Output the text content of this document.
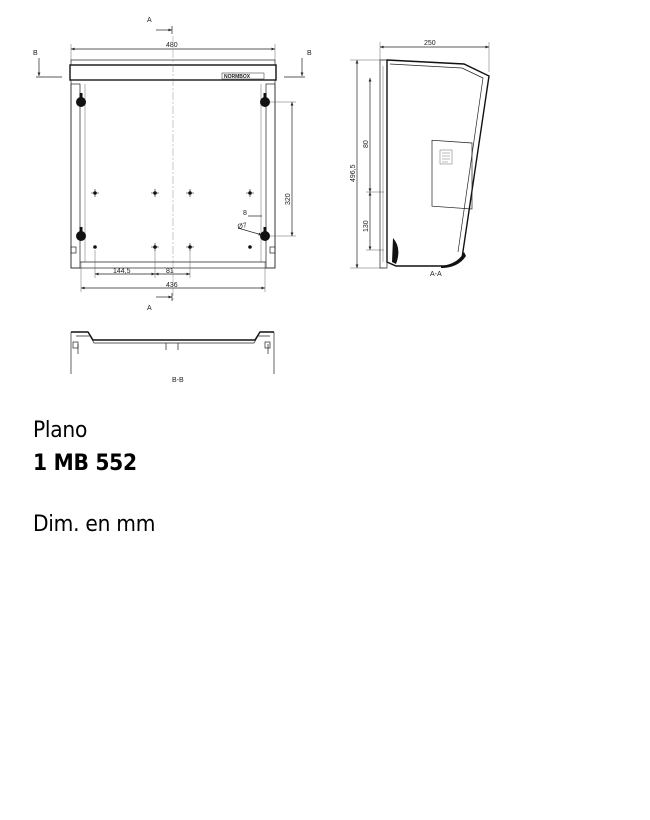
A
B	B
480
NORMBOX
320
8
Ø7
144,5	81
436
A
250
496,5
80
130
A-A
B-B
Plano
1 MB 552
Dim. en mm
